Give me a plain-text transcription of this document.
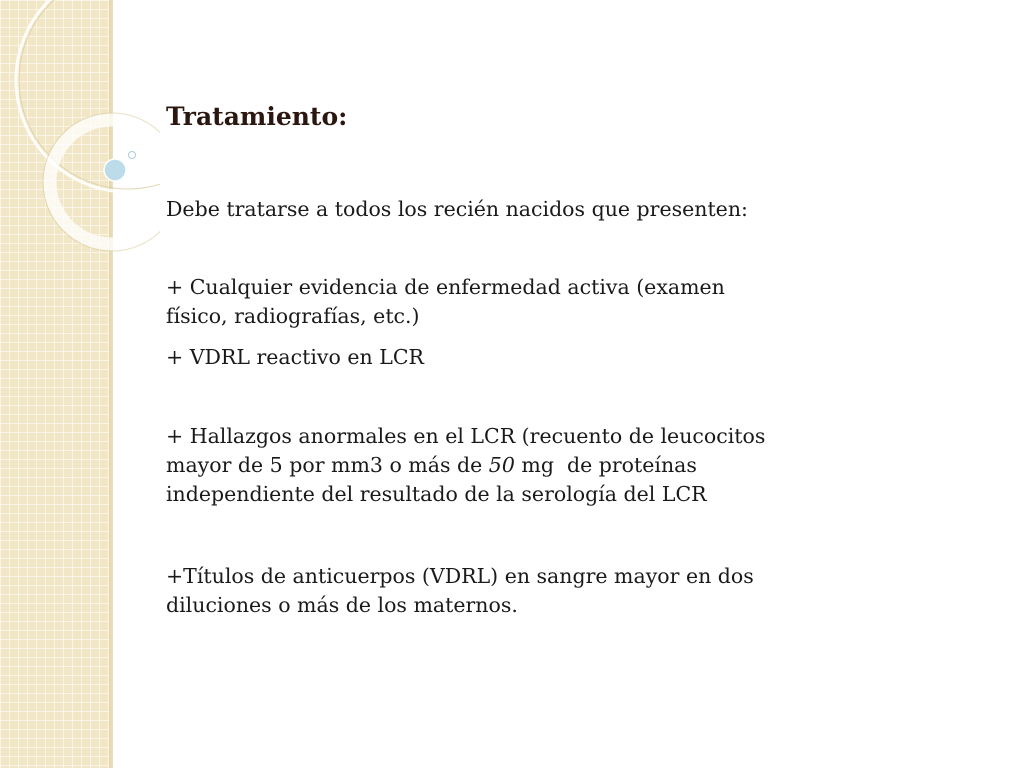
Tratamiento:
Debe tratarse a todos los recién nacidos que presenten:
+ Cualquier evidencia de enfermedad activa (examen
físico, radiografías, etc.)
+ VDRL reactivo en LCR
+ Hallazgos anormales en el LCR (recuento de leucocitos
mayor de 5 por mm3 o más de 50 mg  de proteínas
independiente del resultado de la serología del LCR
+Títulos de anticuerpos (VDRL) en sangre mayor en dos
diluciones o más de los maternos.
